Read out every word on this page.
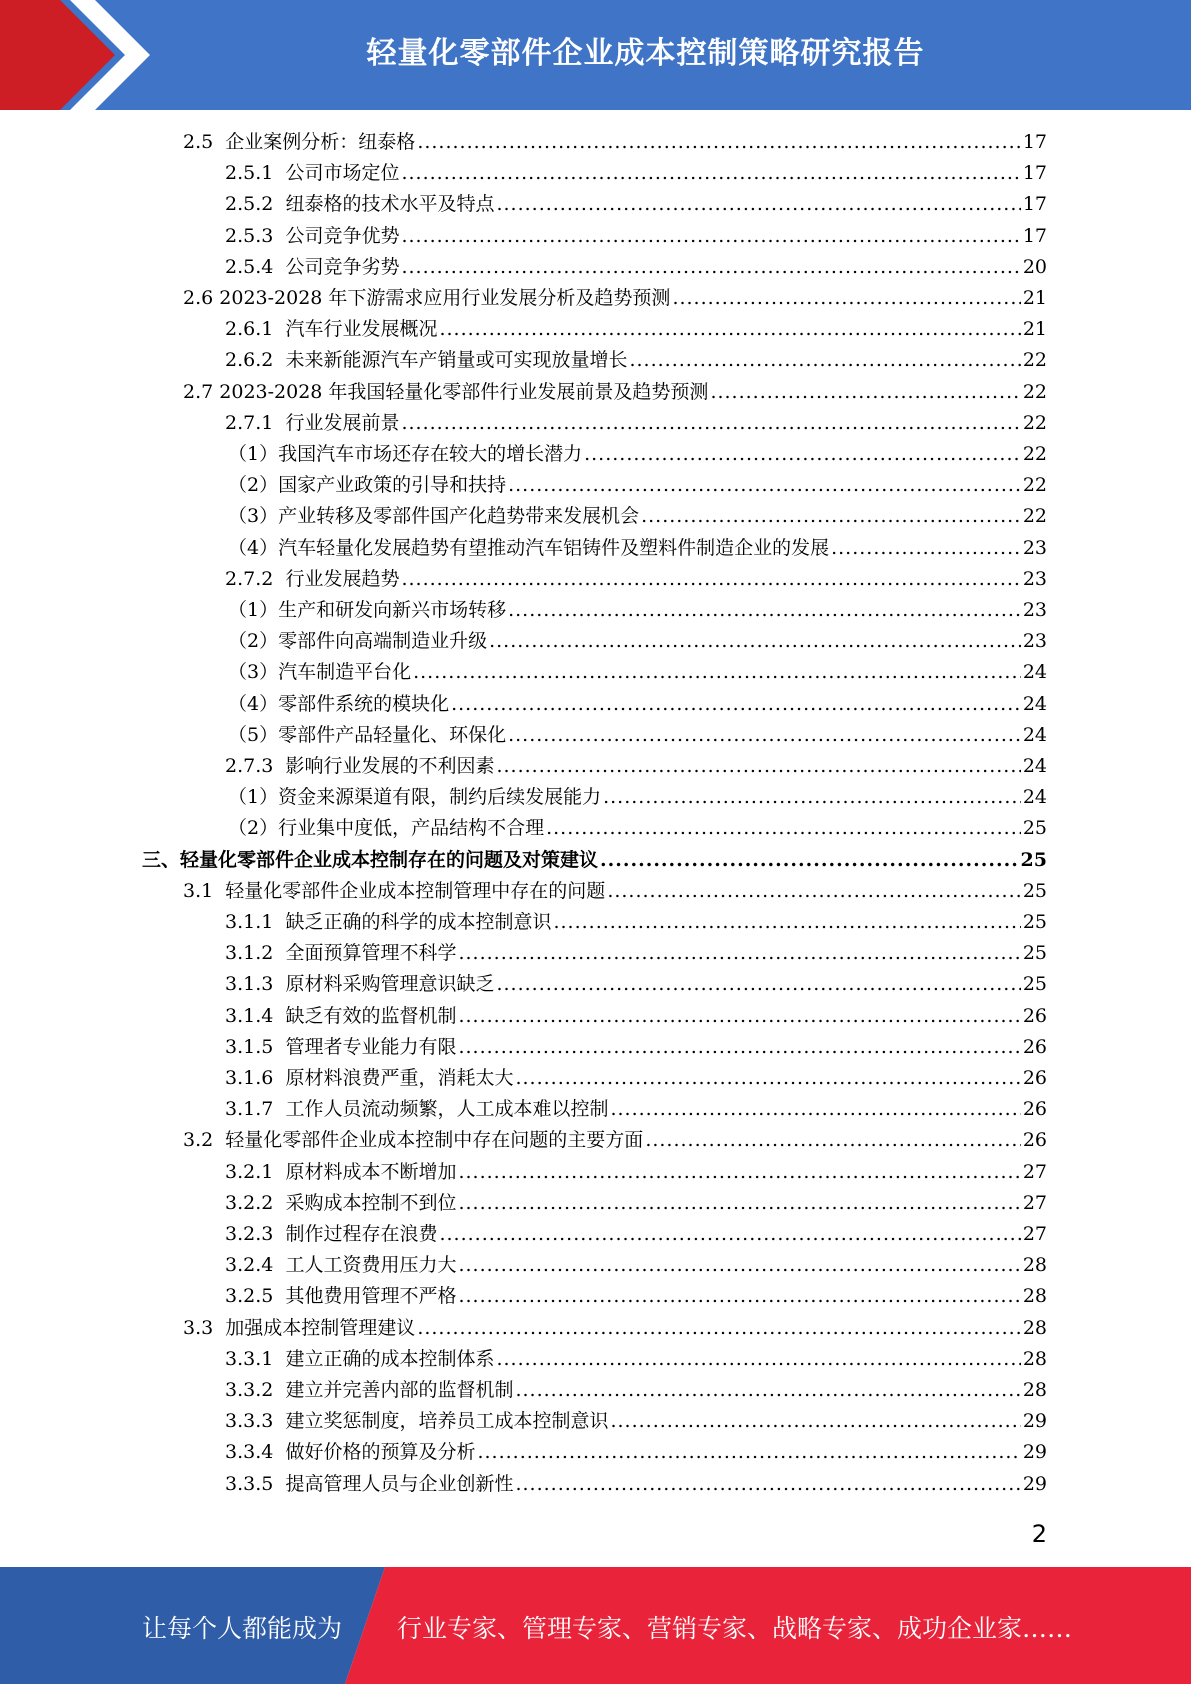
轻量化零部件企业成本控制策略研究报告
2.5 企业案例分析：纽泰格 .....	17
2.5.1 公司市场定位 .....	17
2.5.2 纽泰格的技术水平及特点 .....	17
2.5.3 公司竞争优势 .....	17
2.5.4 公司竞争劣势 .....	20
2.6 2023-2028 年下游需求应用行业发展分析及趋势预测 .....	21
2.6.1 汽车行业发展概况 .....	21
2.6.2 未来新能源汽车产销量或可实现放量增长 .....	22
2.7 2023-2028 年我国轻量化零部件行业发展前景及趋势预测 .....	22
2.7.1 行业发展前景 .....	22
（1）我国汽车市场还存在较大的增长潜力 .....	22
（2）国家产业政策的引导和扶持 .....	22
（3）产业转移及零部件国产化趋势带来发展机会 .....	22
（4）汽车轻量化发展趋势有望推动汽车铝铸件及塑料件制造企业的发展 .....	23
2.7.2 行业发展趋势 .....	23
（1）生产和研发向新兴市场转移 .....	23
（2）零部件向高端制造业升级 .....	23
（3）汽车制造平台化 .....	24
（4）零部件系统的模块化 .....	24
（5）零部件产品轻量化、环保化 .....	24
2.7.3 影响行业发展的不利因素 .....	24
（1）资金来源渠道有限，制约后续发展能力 .....	24
（2）行业集中度低，产品结构不合理 .....	25
三、轻量化零部件企业成本控制存在的问题及对策建议 .....	25
3.1 轻量化零部件企业成本控制管理中存在的问题 .....	25
3.1.1 缺乏正确的科学的成本控制意识 .....	25
3.1.2 全面预算管理不科学 .....	25
3.1.3 原材料采购管理意识缺乏 .....	25
3.1.4 缺乏有效的监督机制 .....	26
3.1.5 管理者专业能力有限 .....	26
3.1.6 原材料浪费严重，消耗太大 .....	26
3.1.7 工作人员流动频繁，人工成本难以控制 .....	26
3.2 轻量化零部件企业成本控制中存在问题的主要方面 .....	26
3.2.1 原材料成本不断增加 .....	27
3.2.2 采购成本控制不到位 .....	27
3.2.3 制作过程存在浪费 .....	27
3.2.4 工人工资费用压力大 .....	28
3.2.5 其他费用管理不严格 .....	28
3.3 加强成本控制管理建议 .....	28
3.3.1 建立正确的成本控制体系 .....	28
3.3.2 建立并完善内部的监督机制 .....	28
3.3.3 建立奖惩制度，培养员工成本控制意识 .....	29
3.3.4 做好价格的预算及分析 .....	29
3.3.5 提高管理人员与企业创新性 .....	29
2
让每个人都能成为 行业专家、管理专家、营销专家、战略专家、成功企业家……
